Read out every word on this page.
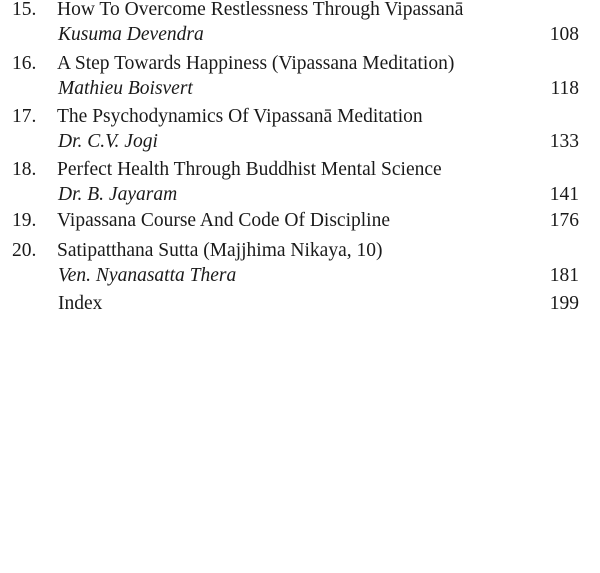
15.	How To Overcome Restlessness Through Vipassanā
Kusuma Devendra	108
16.	A Step Towards Happiness (Vipassana Meditation)
Mathieu Boisvert	118
17.	The Psychodynamics Of Vipassanā Meditation
Dr. C.V. Jogi	133
18.	Perfect Health Through Buddhist Mental Science
Dr. B. Jayaram	141
19.	Vipassana Course And Code Of Discipline	176
20.	Satipatthana Sutta (Majjhima Nikaya, 10)
Ven. Nyanasatta Thera	181
Index	199
